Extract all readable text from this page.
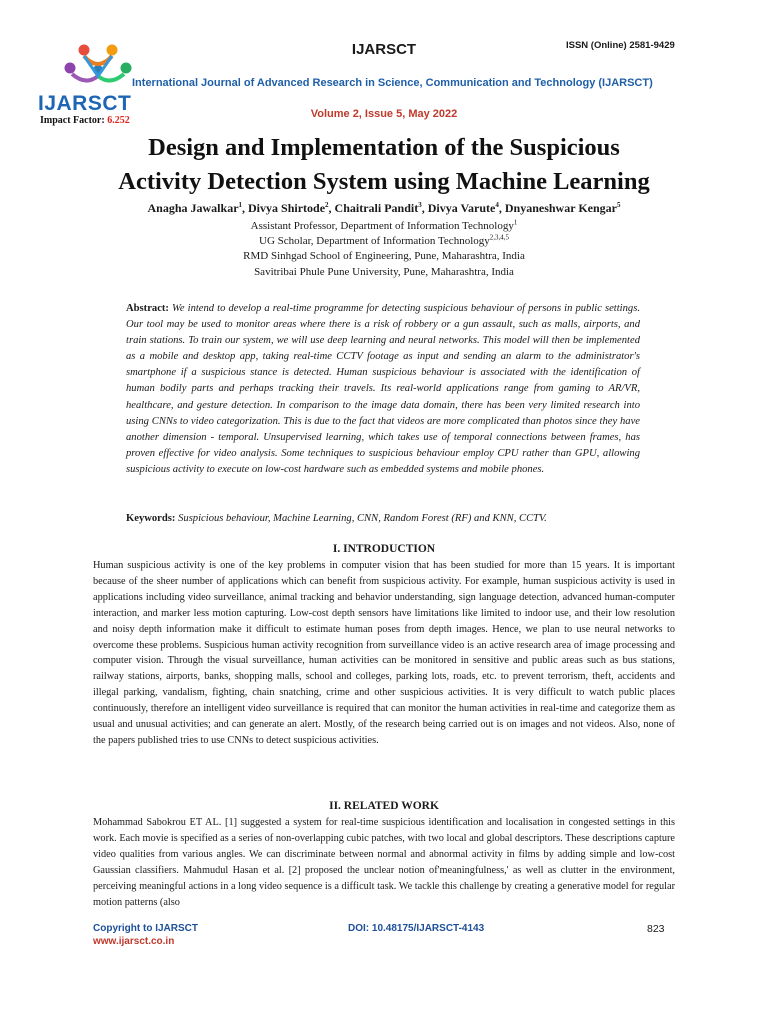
IJARSCT
Impact Factor: 6.252
IJARSCT	ISSN (Online) 2581-9429
International Journal of Advanced Research in Science, Communication and Technology (IJARSCT)
Volume 2, Issue 5, May 2022
Design and Implementation of the Suspicious
Activity Detection System using Machine Learning
Anagha Jawalkar$^1$, Divya Shirtode$^2$, Chaitrali Pandit$^3$, Divya Varute$^4$, Dnyaneshwar Kengar$^5$
Assistant Professor, Department of Information Technology$^1$
UG Scholar, Department of Information Technology$^{2,3,4,5}$
RMD Sinhgad School of Engineering, Pune, Maharashtra, India
Savitribai Phule Pune University, Pune, Maharashtra, India
Abstract: We intend to develop a real-time programme for detecting suspicious behaviour of persons in public settings. Our tool may be used to monitor areas where there is a risk of robbery or a gun assault, such as malls, airports, and train stations. To train our system, we will use deep learning and neural networks. This model will then be implemented as a mobile and desktop app, taking real-time CCTV footage as input and sending an alarm to the administrator's smartphone if a suspicious stance is detected. Human suspicious behaviour is associated with the identification of human bodily parts and perhaps tracking their travels. Its real-world applications range from gaming to AR/VR, healthcare, and gesture detection. In comparison to the image data domain, there has been very limited research into using CNNs to video categorization. This is due to the fact that videos are more complicated than photos since they have another dimension - temporal. Unsupervised learning, which takes use of temporal connections between frames, has proven effective for video analysis. Some techniques to suspicious behaviour employ CPU rather than GPU, allowing suspicious activity to execute on low-cost hardware such as embedded systems and mobile phones.
Keywords: Suspicious behaviour, Machine Learning, CNN, Random Forest (RF) and KNN, CCTV.
I. INTRODUCTION
Human suspicious activity is one of the key problems in computer vision that has been studied for more than 15 years. It is important because of the sheer number of applications which can benefit from suspicious activity. For example, human suspicious activity is used in applications including video surveillance, animal tracking and behavior understanding, sign language detection, advanced human-computer interaction, and marker less motion capturing. Low-cost depth sensors have limitations like limited to indoor use, and their low resolution and noisy depth information make it difficult to estimate human poses from depth images. Hence, we plan to use neural networks to overcome these problems. Suspicious human activity recognition from surveillance video is an active research area of image processing and computer vision. Through the visual surveillance, human activities can be monitored in sensitive and public areas such as bus stations, railway stations, airports, banks, shopping malls, school and colleges, parking lots, roads, etc. to prevent terrorism, theft, accidents and illegal parking, vandalism, fighting, chain snatching, crime and other suspicious activities. It is very difficult to watch public places continuously, therefore an intelligent video surveillance is required that can monitor the human activities in real-time and categorize them as usual and unusual activities; and can generate an alert. Mostly, of the research being carried out is on images and not videos. Also, none of the papers published tries to use CNNs to detect suspicious activities.
II. RELATED WORK
Mohammad Sabokrou ET AL. [1] suggested a system for real-time suspicious identification and localisation in congested settings in this work. Each movie is specified as a series of non-overlapping cubic patches, with two local and global descriptors. These descriptions capture video qualities from various angles. We can discriminate between normal and abnormal activity in films by adding simple and low-cost Gaussian classifiers. Mahmudul Hasan et al. [2] proposed the unclear notion of'meaningfulness,' as well as clutter in the environment, perceiving meaningful actions in a long video sequence is a difficult task. We tackle this challenge by creating a generative model for regular motion patterns (also
Copyright to IJARSCT
www.ijarsct.co.in
DOI: 10.48175/IJARSCT-4143	823
